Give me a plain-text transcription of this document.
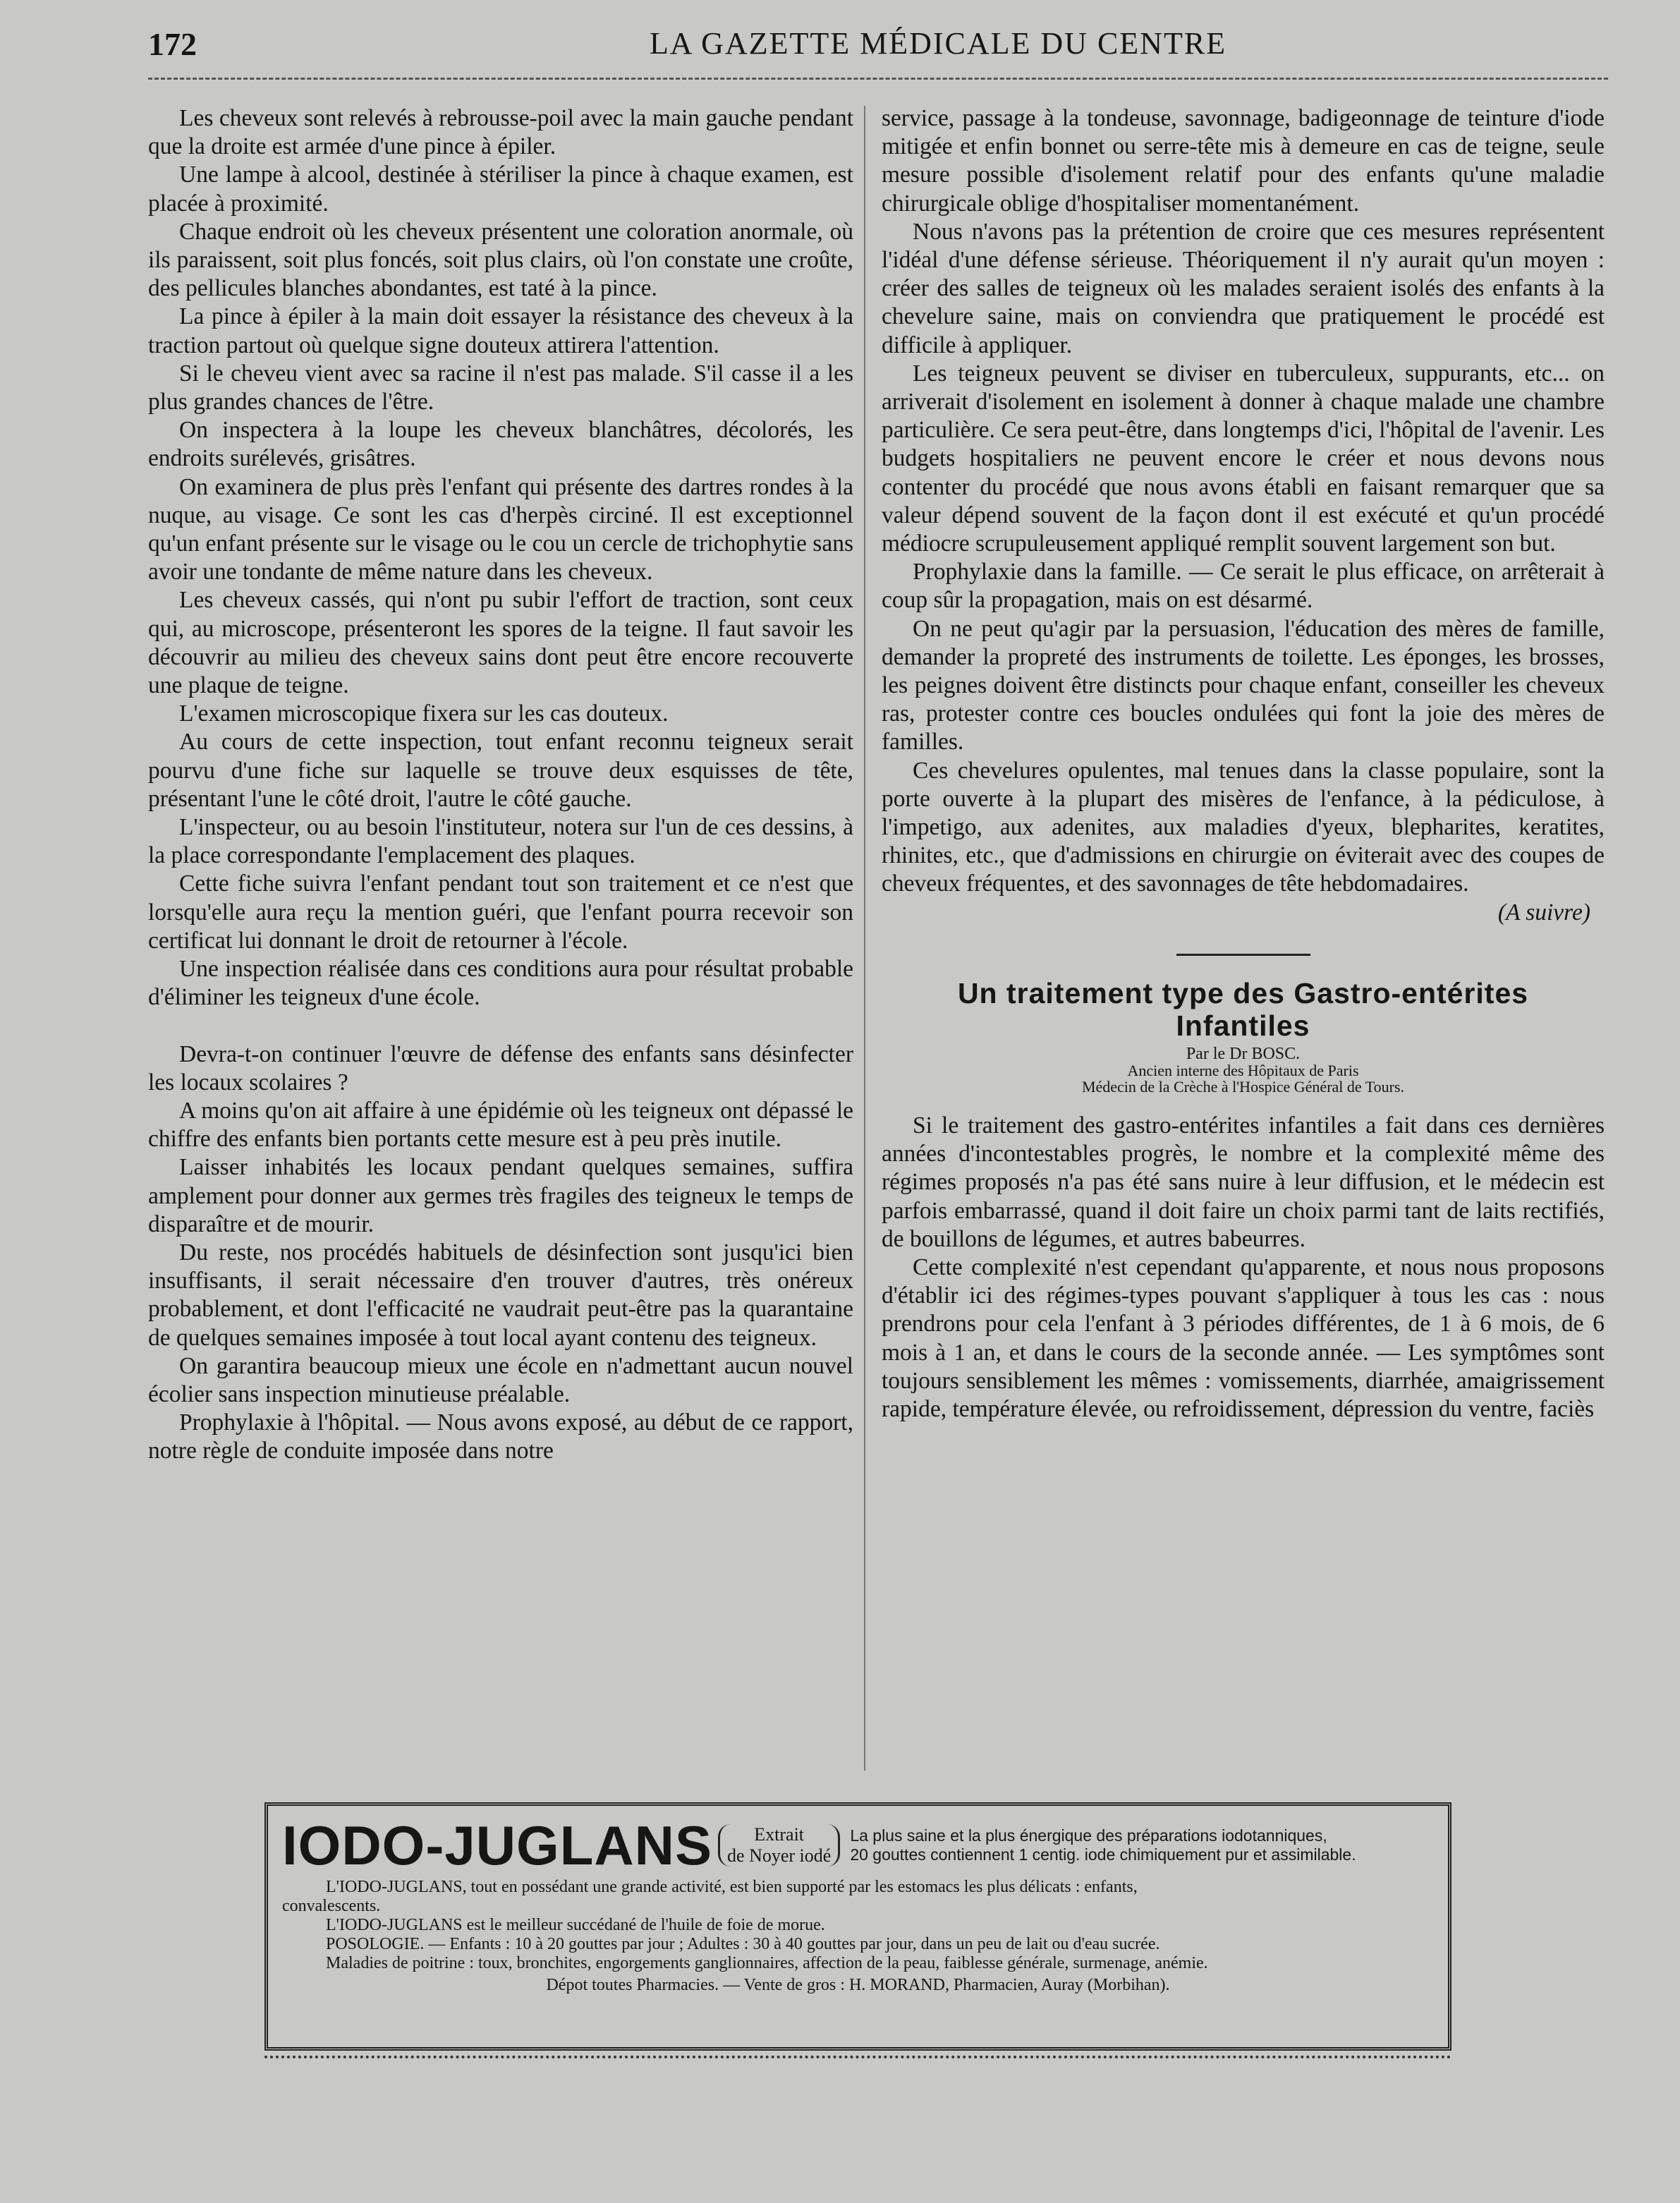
172	LA GAZETTE MÉDICALE DU CENTRE

Les cheveux sont relevés à rebrousse-poil avec la main gauche pendant que la droite est armée d'une pince à épiler.

Une lampe à alcool, destinée à stériliser la pince à chaque examen, est placée à proximité.

Chaque endroit où les cheveux présentent une coloration anormale, où ils paraissent, soit plus foncés, soit plus clairs, où l'on constate une croûte, des pellicules blanches abondantes, est taté à la pince.

La pince à épiler à la main doit essayer la résistance des cheveux à la traction partout où quelque signe douteux attirera l'attention.

Si le cheveu vient avec sa racine il n'est pas malade. S'il casse il a les plus grandes chances de l'être.

On inspectera à la loupe les cheveux blanchâtres, décolorés, les endroits surélevés, grisâtres.

On examinera de plus près l'enfant qui présente des dartres rondes à la nuque, au visage. Ce sont les cas d'herpès circiné. Il est exceptionnel qu'un enfant présente sur le visage ou le cou un cercle de trichophytie sans avoir une tondante de même nature dans les cheveux.

Les cheveux cassés, qui n'ont pu subir l'effort de traction, sont ceux qui, au microscope, présenteront les spores de la teigne. Il faut savoir les découvrir au milieu des cheveux sains dont peut être encore recouverte une plaque de teigne.

L'examen microscopique fixera sur les cas douteux.

Au cours de cette inspection, tout enfant reconnu teigneux serait pourvu d'une fiche sur laquelle se trouve deux esquisses de tête, présentant l'une le côté droit, l'autre le côté gauche.

L'inspecteur, ou au besoin l'instituteur, notera sur l'un de ces dessins, à la place correspondante l'emplacement des plaques.

Cette fiche suivra l'enfant pendant tout son traitement et ce n'est que lorsqu'elle aura reçu la mention guéri, que l'enfant pourra recevoir son certificat lui donnant le droit de retourner à l'école.

Une inspection réalisée dans ces conditions aura pour résultat probable d'éliminer les teigneux d'une école.

Devra-t-on continuer l'œuvre de défense des enfants sans désinfecter les locaux scolaires ?

A moins qu'on ait affaire à une épidémie où les teigneux ont dépassé le chiffre des enfants bien portants cette mesure est à peu près inutile.

Laisser inhabités les locaux pendant quelques semaines, suffira amplement pour donner aux germes très fragiles des teigneux le temps de disparaître et de mourir.

Du reste, nos procédés habituels de désinfection sont jusqu'ici bien insuffisants, il serait nécessaire d'en trouver d'autres, très onéreux probablement, et dont l'efficacité ne vaudrait peut-être pas la quarantaine de quelques semaines imposée à tout local ayant contenu des teigneux.

On garantira beaucoup mieux une école en n'admettant aucun nouvel écolier sans inspection minutieuse préalable.

Prophylaxie à l'hôpital. — Nous avons exposé, au début de ce rapport, notre règle de conduite imposée dans notre

service, passage à la tondeuse, savonnage, badigeonnage de teinture d'iode mitigée et enfin bonnet ou serre-tête mis à demeure en cas de teigne, seule mesure possible d'isolement relatif pour des enfants qu'une maladie chirurgicale oblige d'hospitaliser momentanément.

Nous n'avons pas la prétention de croire que ces mesures représentent l'idéal d'une défense sérieuse. Théoriquement il n'y aurait qu'un moyen : créer des salles de teigneux où les malades seraient isolés des enfants à la chevelure saine, mais on conviendra que pratiquement le procédé est difficile à appliquer.

Les teigneux peuvent se diviser en tuberculeux, suppurants, etc... on arriverait d'isolement en isolement à donner à chaque malade une chambre particulière. Ce sera peut-être, dans longtemps d'ici, l'hôpital de l'avenir. Les budgets hospitaliers ne peuvent encore le créer et nous devons nous contenter du procédé que nous avons établi en faisant remarquer que sa valeur dépend souvent de la façon dont il est exécuté et qu'un procédé médiocre scrupuleusement appliqué remplit souvent largement son but.

Prophylaxie dans la famille. — Ce serait le plus efficace, on arrêterait à coup sûr la propagation, mais on est désarmé.

On ne peut qu'agir par la persuasion, l'éducation des mères de famille, demander la propreté des instruments de toilette. Les éponges, les brosses, les peignes doivent être distincts pour chaque enfant, conseiller les cheveux ras, protester contre ces boucles ondulées qui font la joie des mères de familles.

Ces chevelures opulentes, mal tenues dans la classe populaire, sont la porte ouverte à la plupart des misères de l'enfance, à la pédiculose, à l'impetigo, aux adenites, aux maladies d'yeux, blepharites, keratites, rhinites, etc., que d'admissions en chirurgie on éviterait avec des coupes de cheveux fréquentes, et des savonnages de tête hebdomadaires.

(A suivre)

Un traitement type des Gastro-entérites
Infantiles
Par le Dr BOSC.
Ancien interne des Hôpitaux de Paris
Médecin de la Crèche à l'Hospice Général de Tours.

Si le traitement des gastro-entérites infantiles a fait dans ces dernières années d'incontestables progrès, le nombre et la complexité même des régimes proposés n'a pas été sans nuire à leur diffusion, et le médecin est parfois embarrassé, quand il doit faire un choix parmi tant de laits rectifiés, de bouillons de légumes, et autres babeurres.

Cette complexité n'est cependant qu'apparente, et nous nous proposons d'établir ici des régimes-types pouvant s'appliquer à tous les cas : nous prendrons pour cela l'enfant à 3 périodes différentes, de 1 à 6 mois, de 6 mois à 1 an, et dans le cours de la seconde année. — Les symptômes sont toujours sensiblement les mêmes : vomissements, diarrhée, amaigrissement rapide, température élevée, ou refroidissement, dépression du ventre, faciès

IODO-JUGLANS	Extrait
de Noyer iodé
La plus saine et la plus énergique des préparations iodotanniques,
20 gouttes contiennent 1 centig. iode chimiquement pur et assimilable.
L'IODO-JUGLANS, tout en possédant une grande activité, est bien supporté par les estomacs les plus délicats : enfants,
convalescents.
L'IODO-JUGLANS est le meilleur succédané de l'huile de foie de morue.
POSOLOGIE. — Enfants : 10 à 20 gouttes par jour ; Adultes : 30 à 40 gouttes par jour, dans un peu de lait ou d'eau sucrée.
Maladies de poitrine : toux, bronchites, engorgements ganglionnaires, affection de la peau, faiblesse générale, surmenage, anémie.
Dépot toutes Pharmacies. — Vente de gros : H. MORAND, Pharmacien, Auray (Morbihan).
